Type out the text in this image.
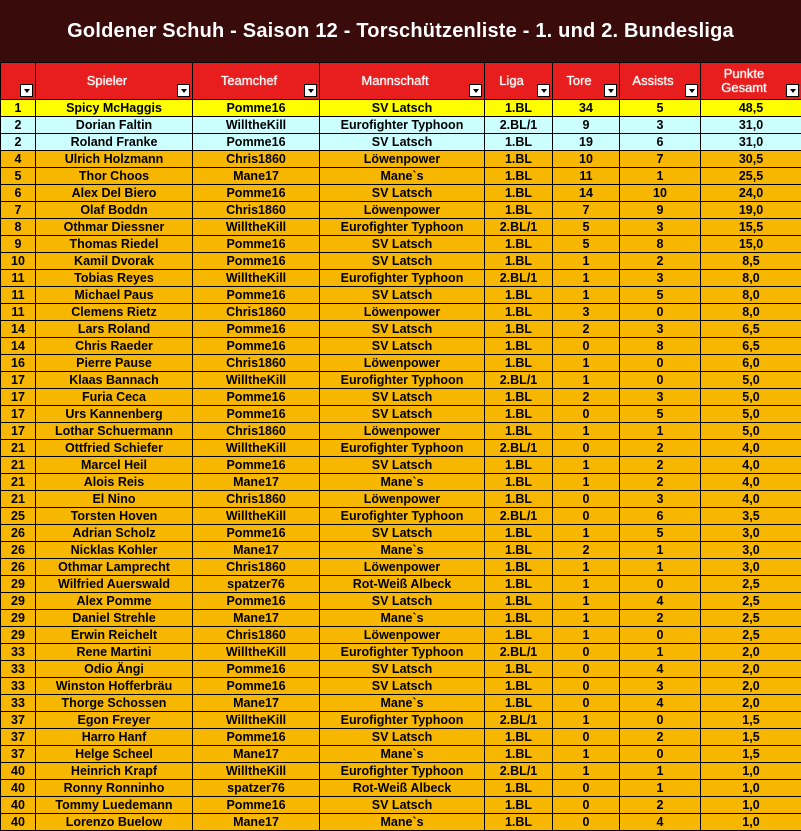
Goldener Schuh - Saison 12 - Torschützenliste - 1. und 2. Bundesliga

	Spieler	Teamchef	Mannschaft	Liga	Tore	Assists	Punkte Gesamt

1	Spicy McHaggis	Pomme16	SV Latsch	1.BL	34	5	48,5
2	Dorian Faltin	WilltheKill	Eurofighter Typhoon	2.BL/1	9	3	31,0
2	Roland Franke	Pomme16	SV Latsch	1.BL	19	6	31,0
4	Ulrich Holzmann	Chris1860	Löwenpower	1.BL	10	7	30,5
5	Thor Choos	Mane17	Mane`s	1.BL	11	1	25,5
6	Alex Del Biero	Pomme16	SV Latsch	1.BL	14	10	24,0
7	Olaf Boddn	Chris1860	Löwenpower	1.BL	7	9	19,0
8	Othmar Diessner	WilltheKill	Eurofighter Typhoon	2.BL/1	5	3	15,5
9	Thomas Riedel	Pomme16	SV Latsch	1.BL	5	8	15,0
10	Kamil Dvorak	Pomme16	SV Latsch	1.BL	1	2	8,5
11	Tobias Reyes	WilltheKill	Eurofighter Typhoon	2.BL/1	1	3	8,0
11	Michael Paus	Pomme16	SV Latsch	1.BL	1	5	8,0
11	Clemens Rietz	Chris1860	Löwenpower	1.BL	3	0	8,0
14	Lars Roland	Pomme16	SV Latsch	1.BL	2	3	6,5
14	Chris Raeder	Pomme16	SV Latsch	1.BL	0	8	6,5
16	Pierre Pause	Chris1860	Löwenpower	1.BL	1	0	6,0
17	Klaas Bannach	WilltheKill	Eurofighter Typhoon	2.BL/1	1	0	5,0
17	Furia Ceca	Pomme16	SV Latsch	1.BL	2	3	5,0
17	Urs Kannenberg	Pomme16	SV Latsch	1.BL	0	5	5,0
17	Lothar Schuermann	Chris1860	Löwenpower	1.BL	1	1	5,0
21	Ottfried Schiefer	WilltheKill	Eurofighter Typhoon	2.BL/1	0	2	4,0
21	Marcel Heil	Pomme16	SV Latsch	1.BL	1	2	4,0
21	Alois Reis	Mane17	Mane`s	1.BL	1	2	4,0
21	El Nino	Chris1860	Löwenpower	1.BL	0	3	4,0
25	Torsten Hoven	WilltheKill	Eurofighter Typhoon	2.BL/1	0	6	3,5
26	Adrian Scholz	Pomme16	SV Latsch	1.BL	1	5	3,0
26	Nicklas Kohler	Mane17	Mane`s	1.BL	2	1	3,0
26	Othmar Lamprecht	Chris1860	Löwenpower	1.BL	1	1	3,0
29	Wilfried Auerswald	spatzer76	Rot-Weiß Albeck	1.BL	1	0	2,5
29	Alex Pomme	Pomme16	SV Latsch	1.BL	1	4	2,5
29	Daniel Strehle	Mane17	Mane`s	1.BL	1	2	2,5
29	Erwin Reichelt	Chris1860	Löwenpower	1.BL	1	0	2,5
33	Rene Martini	WilltheKill	Eurofighter Typhoon	2.BL/1	0	1	2,0
33	Odio Ängi	Pomme16	SV Latsch	1.BL	0	4	2,0
33	Winston Hofferbräu	Pomme16	SV Latsch	1.BL	0	3	2,0
33	Thorge Schossen	Mane17	Mane`s	1.BL	0	4	2,0
37	Egon Freyer	WilltheKill	Eurofighter Typhoon	2.BL/1	1	0	1,5
37	Harro Hanf	Pomme16	SV Latsch	1.BL	0	2	1,5
37	Helge Scheel	Mane17	Mane`s	1.BL	1	0	1,5
40	Heinrich Krapf	WilltheKill	Eurofighter Typhoon	2.BL/1	1	1	1,0
40	Ronny Ronninho	spatzer76	Rot-Weiß Albeck	1.BL	0	1	1,0
40	Tommy Luedemann	Pomme16	SV Latsch	1.BL	0	2	1,0
40	Lorenzo Buelow	Mane17	Mane`s	1.BL	0	4	1,0
